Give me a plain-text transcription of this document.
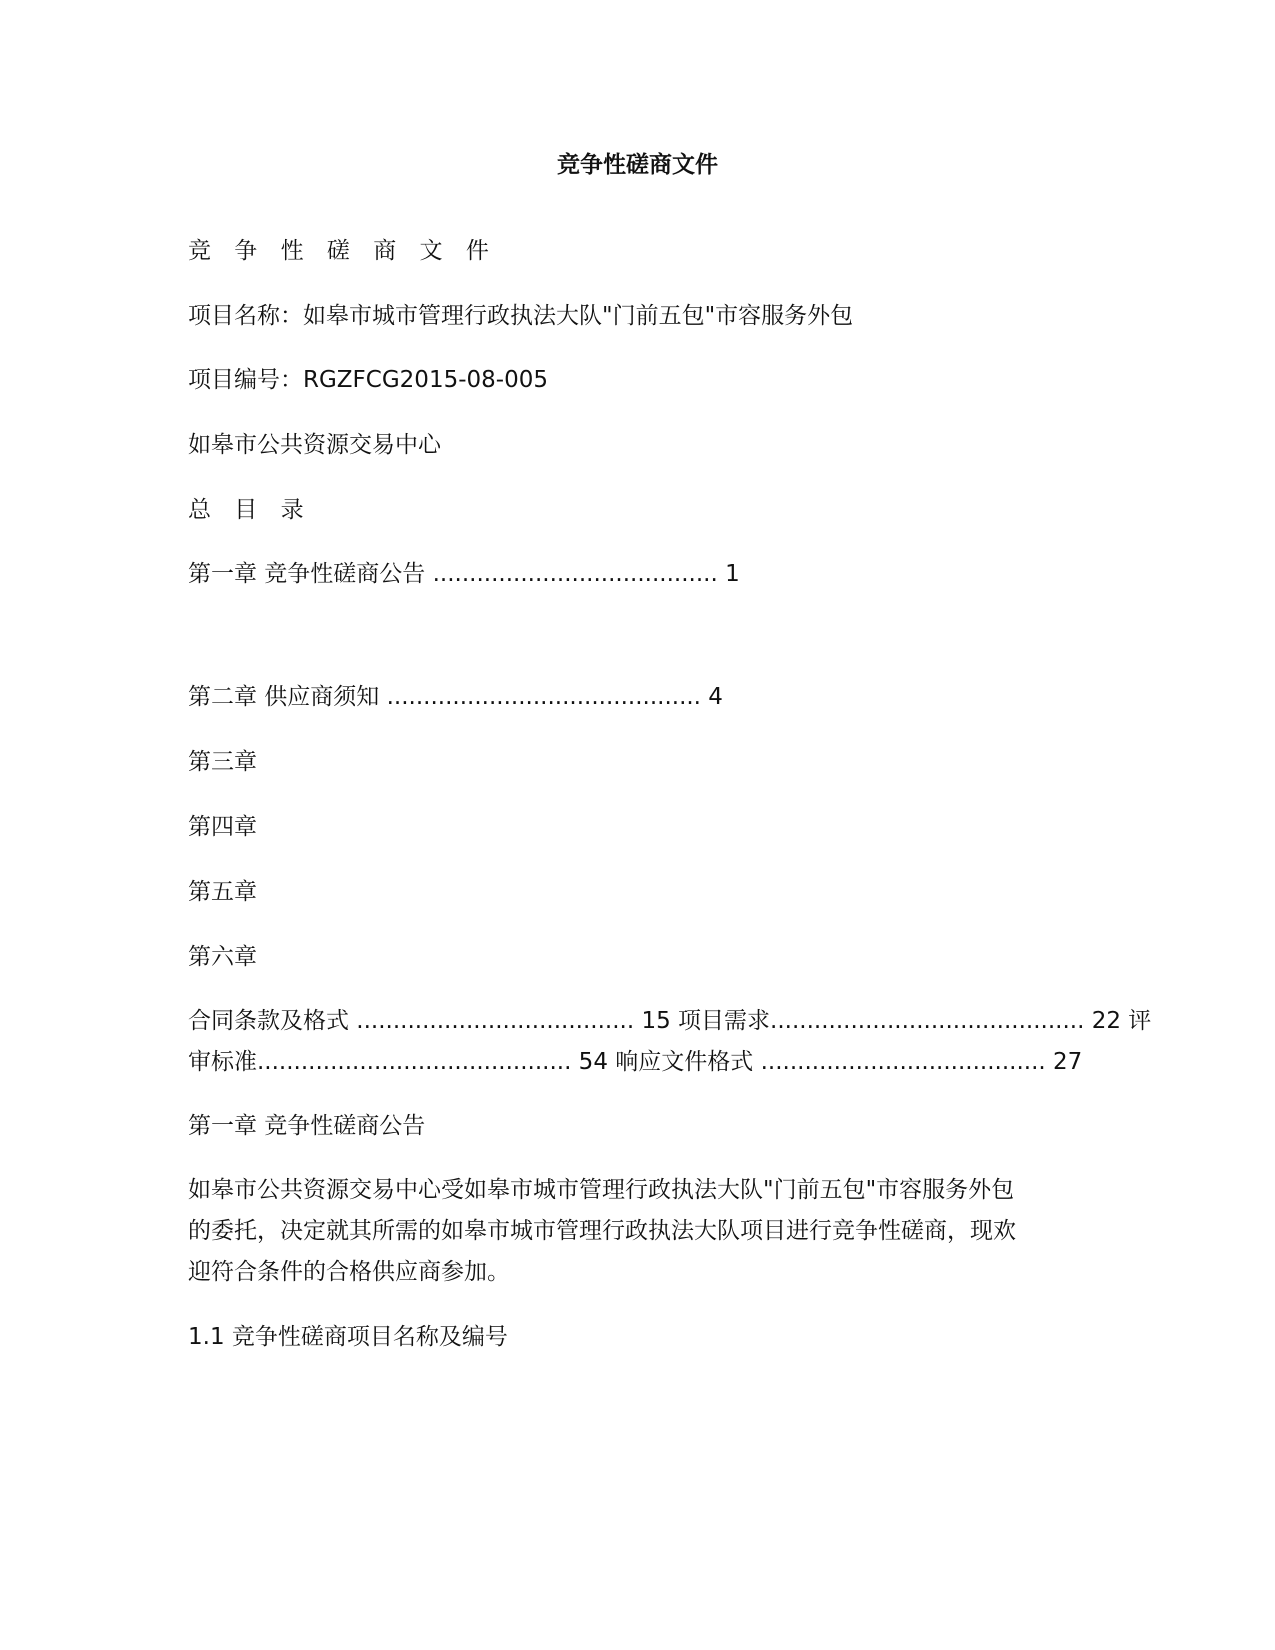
竞争性磋商文件

竞 争 性 磋 商 文 件

项目名称：如皋市城市管理行政执法大队"门前五包"市容服务外包

项目编号：RGZFCG2015-08-005

如皋市公共资源交易中心

总 目 录

第一章 竞争性磋商公告 ....................................... 1

第二章 供应商须知 ........................................... 4

第三章

第四章

第五章

第六章

合同条款及格式 ...................................... 15 项目需求........................................... 22 评

审标准........................................... 54 响应文件格式 ....................................... 27

第一章 竞争性磋商公告

如皋市公共资源交易中心受如皋市城市管理行政执法大队"门前五包"市容服务外包

的委托，决定就其所需的如皋市城市管理行政执法大队项目进行竞争性磋商，现欢

迎符合条件的合格供应商参加。

1.1 竞争性磋商项目名称及编号
